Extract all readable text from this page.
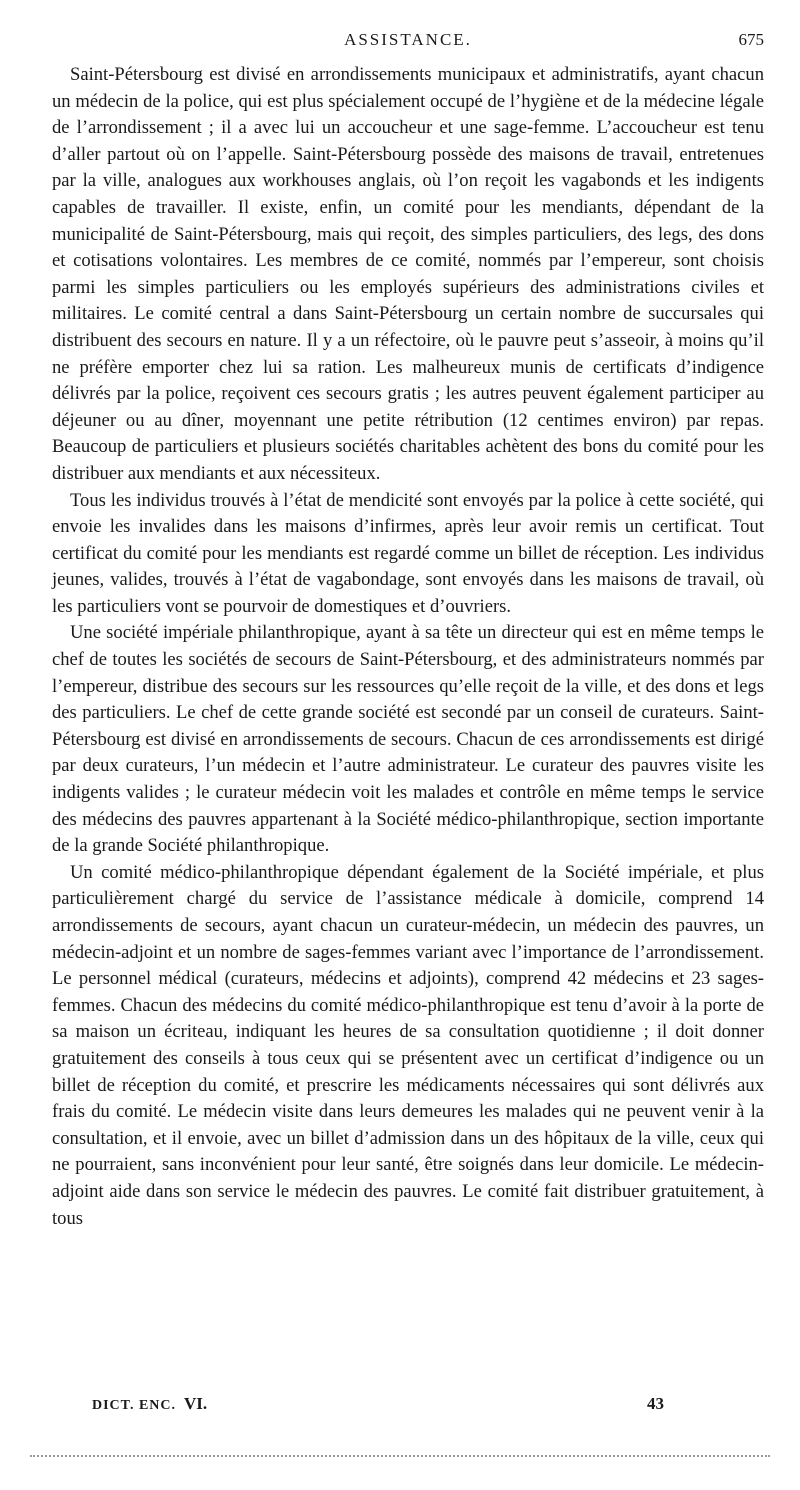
ASSISTANCE.	675

Saint-Pétersbourg est divisé en arrondissements municipaux et administratifs, ayant chacun un médecin de la police, qui est plus spécialement occupé de l’hygiène et de la médecine légale de l’arrondissement ; il a avec lui un accoucheur et une sage-femme. L’accoucheur est tenu d’aller partout où on l’appelle. Saint-Pétersbourg possède des maisons de travail, entretenues par la ville, analogues aux workhouses anglais, où l’on reçoit les vagabonds et les indigents capables de travailler. Il existe, enfin, un comité pour les mendiants, dépendant de la municipalité de Saint-Pétersbourg, mais qui reçoit, des simples particuliers, des legs, des dons et cotisations volontaires. Les membres de ce comité, nommés par l’empereur, sont choisis parmi les simples particuliers ou les employés supérieurs des administrations civiles et militaires. Le comité central a dans Saint-Pétersbourg un certain nombre de succursales qui distribuent des secours en nature. Il y a un réfectoire, où le pauvre peut s’asseoir, à moins qu’il ne préfère emporter chez lui sa ration. Les malheureux munis de certificats d’indigence délivrés par la police, reçoivent ces secours gratis ; les autres peuvent également participer au déjeuner ou au dîner, moyennant une petite rétribution (12 centimes environ) par repas. Beaucoup de particuliers et plusieurs sociétés charitables achètent des bons du comité pour les distribuer aux mendiants et aux nécessiteux.

Tous les individus trouvés à l’état de mendicité sont envoyés par la police à cette société, qui envoie les invalides dans les maisons d’infirmes, après leur avoir remis un certificat. Tout certificat du comité pour les mendiants est regardé comme un billet de réception. Les individus jeunes, valides, trouvés à l’état de vagabondage, sont envoyés dans les maisons de travail, où les particuliers vont se pourvoir de domestiques et d’ouvriers.

Une société impériale philanthropique, ayant à sa tête un directeur qui est en même temps le chef de toutes les sociétés de secours de Saint-Pétersbourg, et des administrateurs nommés par l’empereur, distribue des secours sur les ressources qu’elle reçoit de la ville, et des dons et legs des particuliers. Le chef de cette grande société est secondé par un conseil de curateurs. Saint-Pétersbourg est divisé en arrondissements de secours. Chacun de ces arrondissements est dirigé par deux curateurs, l’un médecin et l’autre administrateur. Le curateur des pauvres visite les indigents valides ; le curateur médecin voit les malades et contrôle en même temps le service des médecins des pauvres appartenant à la Société médico-philanthropique, section importante de la grande Société philanthropique.

Un comité médico-philanthropique dépendant également de la Société impériale, et plus particulièrement chargé du service de l’assistance médicale à domicile, comprend 14 arrondissements de secours, ayant chacun un curateur-médecin, un médecin des pauvres, un médecin-adjoint et un nombre de sages-femmes variant avec l’importance de l’arrondissement. Le personnel médical (curateurs, médecins et adjoints), comprend 42 médecins et 23 sages-femmes. Chacun des médecins du comité médico-philanthropique est tenu d’avoir à la porte de sa maison un écriteau, indiquant les heures de sa consultation quotidienne ; il doit donner gratuitement des conseils à tous ceux qui se présentent avec un certificat d’indigence ou un billet de réception du comité, et prescrire les médicaments nécessaires qui sont délivrés aux frais du comité. Le médecin visite dans leurs demeures les malades qui ne peuvent venir à la consultation, et il envoie, avec un billet d’admission dans un des hôpitaux de la ville, ceux qui ne pourraient, sans inconvénient pour leur santé, être soignés dans leur domicile. Le médecin-adjoint aide dans son service le médecin des pauvres. Le comité fait distribuer gratuitement, à tous

DICT. ENC. VI.	43
